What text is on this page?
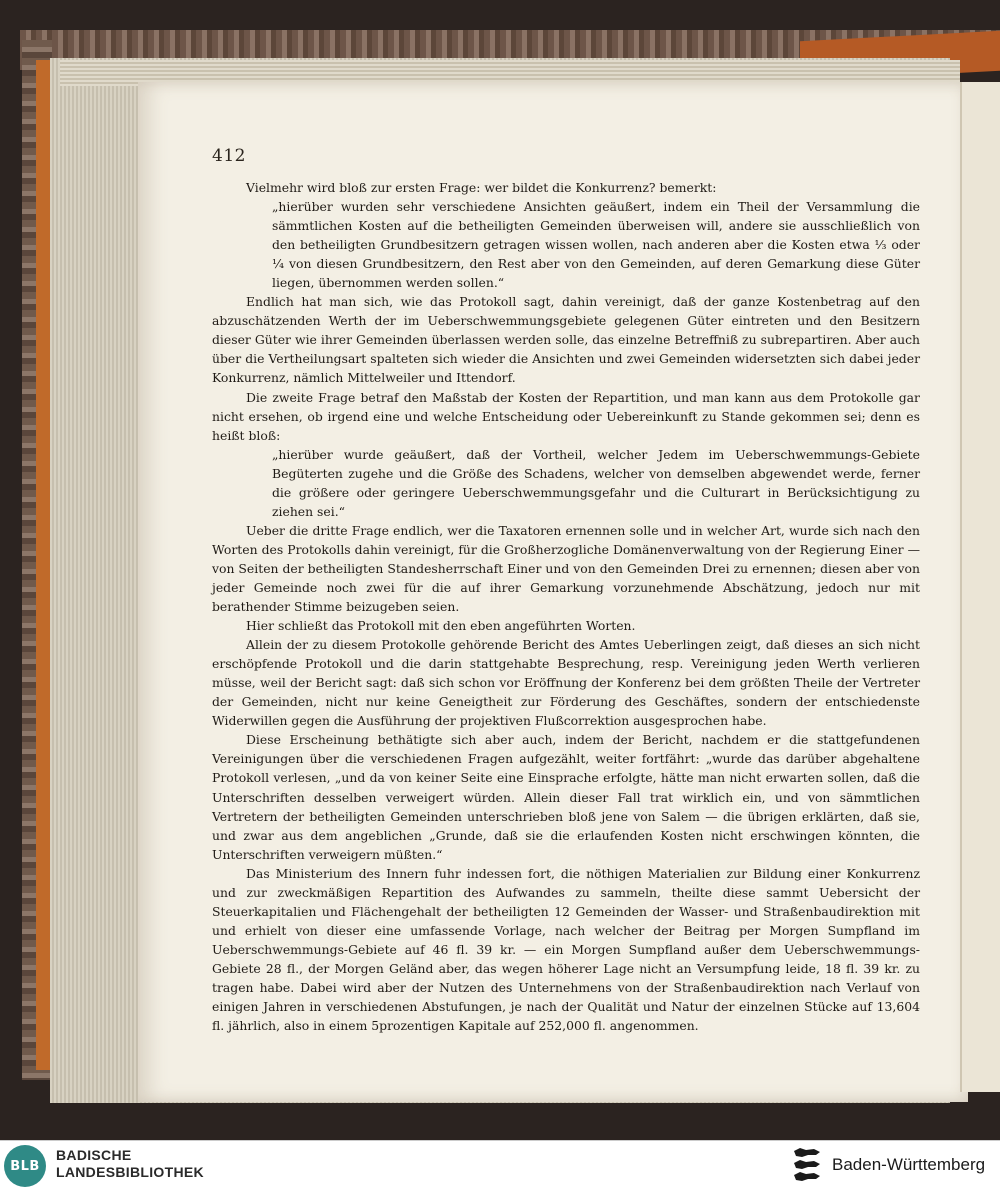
412

Vielmehr wird bloß zur ersten Frage: wer bildet die Konkurrenz? bemerkt:

„hierüber wurden sehr verschiedene Ansichten geäußert, indem ein Theil der Versammlung die sämmtlichen Kosten auf die betheiligten Gemeinden überweisen will, andere sie ausschließlich von den betheiligten Grundbesitzern getragen wissen wollen, nach anderen aber die Kosten etwa ⅓ oder ¼ von diesen Grundbesitzern, den Rest aber von den Gemeinden, auf deren Gemarkung diese Güter liegen, übernommen werden sollen.“

Endlich hat man sich, wie das Protokoll sagt, dahin vereinigt, daß der ganze Kostenbetrag auf den abzuschätzenden Werth der im Ueberschwemmungsgebiete gelegenen Güter eintreten und den Besitzern dieser Güter wie ihrer Gemeinden überlassen werden solle, das einzelne Betreffniß zu subrepartiren. Aber auch über die Vertheilungsart spalteten sich wieder die Ansichten und zwei Gemeinden widersetzten sich dabei jeder Konkurrenz, nämlich Mittelweiler und Ittendorf.

Die zweite Frage betraf den Maßstab der Kosten der Repartition, und man kann aus dem Protokolle gar nicht ersehen, ob irgend eine und welche Entscheidung oder Uebereinkunft zu Stande gekommen sei; denn es heißt bloß:

„hierüber wurde geäußert, daß der Vortheil, welcher Jedem im Ueberschwemmungs-Gebiete Begüterten zugehe und die Größe des Schadens, welcher von demselben abgewendet werde, ferner die größere oder geringere Ueberschwemmungsgefahr und die Culturart in Berücksichtigung zu ziehen sei.“

Ueber die dritte Frage endlich, wer die Taxatoren ernennen solle und in welcher Art, wurde sich nach den Worten des Protokolls dahin vereinigt, für die Großherzogliche Domänenverwaltung von der Regierung Einer — von Seiten der betheiligten Standesherrschaft Einer und von den Gemeinden Drei zu ernennen; diesen aber von jeder Gemeinde noch zwei für die auf ihrer Gemarkung vorzunehmende Abschätzung, jedoch nur mit berathender Stimme beizugeben seien.

Hier schließt das Protokoll mit den eben angeführten Worten.

Allein der zu diesem Protokolle gehörende Bericht des Amtes Ueberlingen zeigt, daß dieses an sich nicht erschöpfende Protokoll und die darin stattgehabte Besprechung, resp. Vereinigung jeden Werth verlieren müsse, weil der Bericht sagt: daß sich schon vor Eröffnung der Konferenz bei dem größten Theile der Vertreter der Gemeinden, nicht nur keine Geneigtheit zur Förderung des Geschäftes, sondern der entschiedenste Widerwillen gegen die Ausführung der projektiven Flußcorrektion ausgesprochen habe.

Diese Erscheinung bethätigte sich aber auch, indem der Bericht, nachdem er die stattgefundenen Vereinigungen über die verschiedenen Fragen aufgezählt, weiter fortfährt: „wurde das darüber abgehaltene Protokoll verlesen, „und da von keiner Seite eine Einsprache erfolgte, hätte man nicht erwarten sollen, daß die Unterschriften desselben verweigert würden. Allein dieser Fall trat wirklich ein, und von sämmtlichen Vertretern der betheiligten Gemeinden unterschrieben bloß jene von Salem — die übrigen erklärten, daß sie, und zwar aus dem angeblichen „Grunde, daß sie die erlaufenden Kosten nicht erschwingen könnten, die Unterschriften verweigern müßten.“

Das Ministerium des Innern fuhr indessen fort, die nöthigen Materialien zur Bildung einer Konkurrenz und zur zweckmäßigen Repartition des Aufwandes zu sammeln, theilte diese sammt Uebersicht der Steuerkapitalien und Flächengehalt der betheiligten 12 Gemeinden der Wasser- und Straßenbaudirektion mit und erhielt von dieser eine umfassende Vorlage, nach welcher der Beitrag per Morgen Sumpfland im Ueberschwemmungs-Gebiete auf 46 fl. 39 kr. — ein Morgen Sumpfland außer dem Ueberschwemmungs-Gebiete 28 fl., der Morgen Geländ aber, das wegen höherer Lage nicht an Versumpfung leide, 18 fl. 39 kr. zu tragen habe. Dabei wird aber der Nutzen des Unternehmens von der Straßenbaudirektion nach Verlauf von einigen Jahren in verschiedenen Abstufungen, je nach der Qualität und Natur der einzelnen Stücke auf 13,604 fl. jährlich, also in einem 5prozentigen Kapitale auf 252,000 fl. angenommen.

BLB
BADISCHE
LANDESBIBLIOTHEK	Baden-Württemberg
